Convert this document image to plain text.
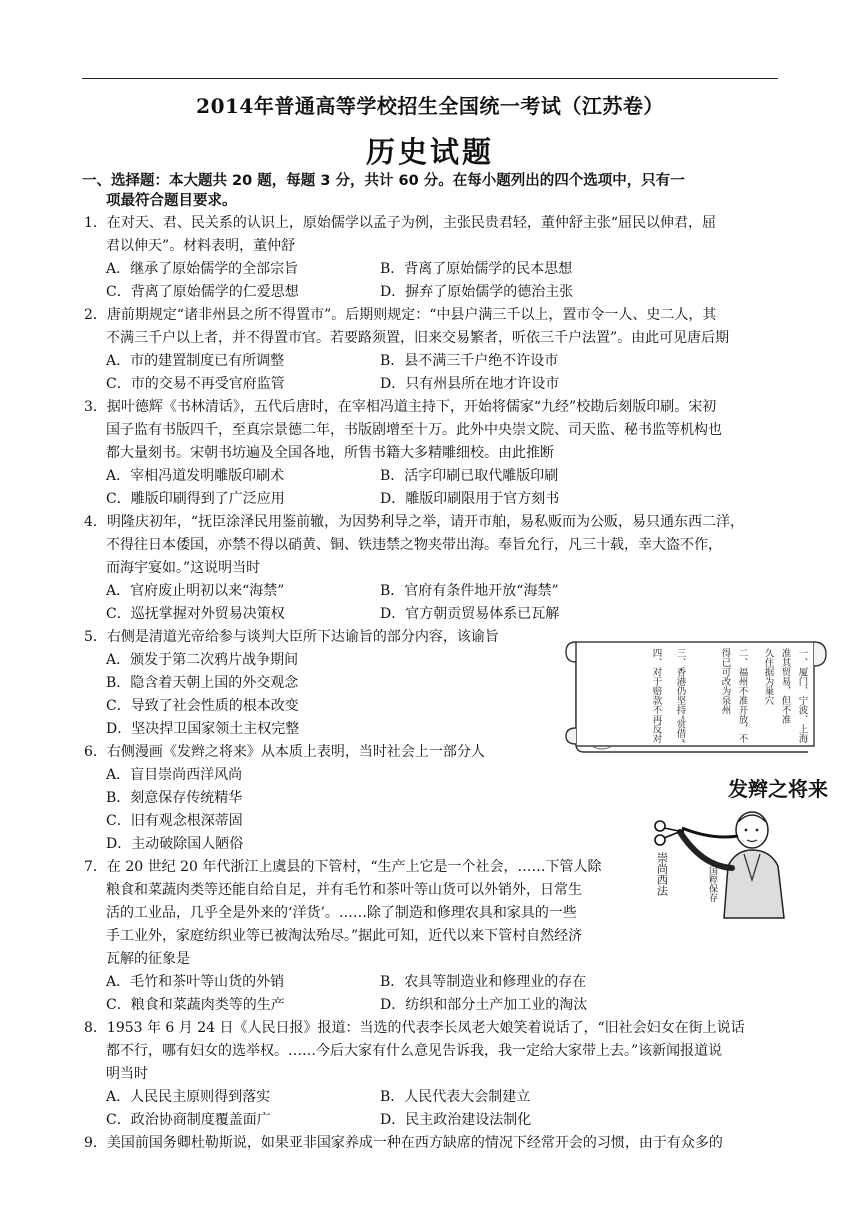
2014年普通高等学校招生全国统一考试（江苏卷）
历史试题
一、选择题：本大题共 20 题，每题 3 分，共计 60 分。在每小题列出的四个选项中，只有一
项最符合题目要求。
1．在对天、君、民关系的认识上，原始儒学以孟子为例，主张民贵君轻，董仲舒主张“屈民以伸君，屈
君以伸天”。材料表明，董仲舒
A．继承了原始儒学的全部宗旨	B．背离了原始儒学的民本思想
C．背离了原始儒学的仁爱思想	D．摒弃了原始儒学的德治主张
2．唐前期规定“诸非州县之所不得置市”。后期则规定：“中县户满三千以上，置市令一人、史二人，其
不满三千户以上者，并不得置市官。若要路须置，旧来交易繁者，听依三千户法置”。由此可见唐后期
A．市的建置制度已有所调整	B．县不满三千户绝不许设市
C．市的交易不再受官府监管	D．只有州县所在地才许设市
3．据叶德辉《书林清话》，五代后唐时，在宰相冯道主持下，开始将儒家“九经”校勘后刻版印刷。宋初
国子监有书版四千，至真宗景德二年，书版剧增至十万。此外中央崇文院、司天监、秘书监等机构也
都大量刻书。宋朝书坊遍及全国各地，所售书籍大多精雕细校。由此推断
A．宰相冯道发明雕版印刷术	B．活字印刷已取代雕版印刷
C．雕版印刷得到了广泛应用	D．雕版印刷限用于官方刻书
4．明隆庆初年，“抚臣涂泽民用鉴前辙，为因势利导之举，请开市舶，易私贩而为公贩，易只通东西二洋，
不得往日本倭国，亦禁不得以硝黄、铜、铁违禁之物夹带出海。奉旨允行，凡三十载，幸大盗不作，
而海宇宴如。”这说明当时
A．官府废止明初以来“海禁”	B．官府有条件地开放“海禁”
C．巡抚掌握对外贸易决策权	D．官方朝贡贸易体系已瓦解
5．右侧是清道光帝给参与谈判大臣所下达谕旨的部分内容，该谕旨
A．颁发于第二次鸦片战争期间
B．隐含着天朝上国的外交观念
C．导致了社会性质的根本改变
D．坚决捍卫国家领土主权完整
6．右侧漫画《发辫之将来》从本质上表明，当时社会上一部分人
A．盲目崇尚西洋风尚
B．刻意保存传统精华
C．旧有观念根深蒂固
D．主动破除国人陋俗
7．在 20 世纪 20 年代浙江上虞县的下管村，“生产上它是一个社会，……下管人除
粮食和菜蔬肉类等还能自给自足，并有毛竹和茶叶等山货可以外销外，日常生
活的工业品，几乎全是外来的‘洋货’。……除了制造和修理农具和家具的一些
手工业外，家庭纺织业等已被淘汰殆尽。”据此可知，近代以来下管村自然经济
瓦解的征象是
A．毛竹和茶叶等山货的外销	B．农具等制造业和修理业的存在
C．粮食和菜蔬肉类等的生产	D．纺织和部分土产加工业的淘汰
8．1953 年 6 月 24 日《人民日报》报道：当选的代表李长凤老大娘笑着说话了，“旧社会妇女在街上说话
都不行，哪有妇女的选举权。……今后大家有什么意见告诉我，我一定给大家带上去。”该新闻报道说
明当时
A．人民民主原则得到落实	B．人民代表大会制建立
C．政治协商制度覆盖面广	D．民主政治建设法制化
9．美国前国务卿杜勒斯说，如果亚非国家养成一种在西方缺席的情况下经常开会的习惯，由于有众多的
一、厦门、宁波、上海
准其贸易，但不准
久住据为巢穴
二、福州不准开放，不
得已可改为泉州
三、香港仍坚持“赏借”
四、对于赔款不再反对
发辫之将来
崇尚西法	国粹保存
